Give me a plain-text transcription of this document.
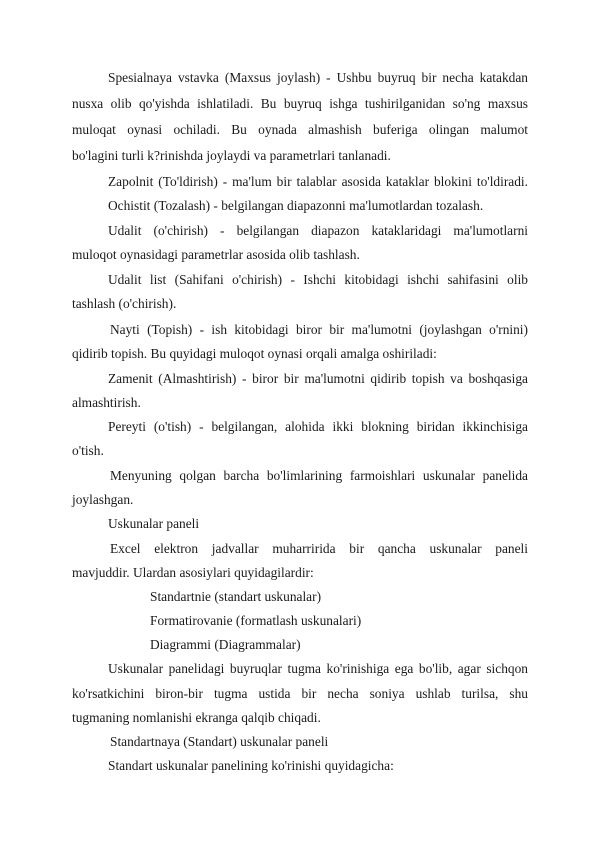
Spesialnaya vstavka (Maxsus joylash) - Ushbu buyruq bir necha katakdan
nusxa olib qo'yishda ishlatiladi. Bu buyruq ishga tushirilganidan so'ng maxsus
muloqat oynasi ochiladi. Bu oynada almashish buferiga olingan malumot
bo'lagini turli k?rinishda joylaydi va parametrlari tanlanadi.
Zapolnit (To'ldirish) - ma'lum bir talablar asosida kataklar blokini to'ldiradi.
Ochistit (Tozalash) - belgilangan diapazonni ma'lumotlardan tozalash.
Udalit (o'chirish) - belgilangan diapazon kataklaridagi ma'lumotlarni
muloqot oynasidagi parametrlar asosida olib tashlash.
Udalit list (Sahifani o'chirish) - Ishchi kitobidagi ishchi sahifasini olib
tashlash (o'chirish).
Nayti (Topish) - ish kitobidagi biror bir ma'lumotni (joylashgan o'rnini)
qidirib topish. Bu quyidagi muloqot oynasi orqali amalga oshiriladi:
Zamenit (Almashtirish) - biror bir ma'lumotni qidirib topish va boshqasiga
almashtirish.
Pereyti (o'tish) - belgilangan, alohida ikki blokning biridan ikkinchisiga
o'tish.
Menyuning qolgan barcha bo'limlarining farmoishlari uskunalar panelida
joylashgan.
Uskunalar paneli
Excel elektron jadvallar muharririda bir qancha uskunalar paneli
mavjuddir. Ulardan asosiylari quyidagilardir:
Standartnie (standart uskunalar)
Formatirovanie (formatlash uskunalari)
Diagrammi (Diagrammalar)
Uskunalar panelidagi buyruqlar tugma ko'rinishiga ega bo'lib, agar sichqon
ko'rsatkichini biron-bir tugma ustida bir necha soniya ushlab turilsa, shu
tugmaning nomlanishi ekranga qalqib chiqadi.
Standartnaya (Standart) uskunalar paneli
Standart uskunalar panelining ko'rinishi quyidagicha:
